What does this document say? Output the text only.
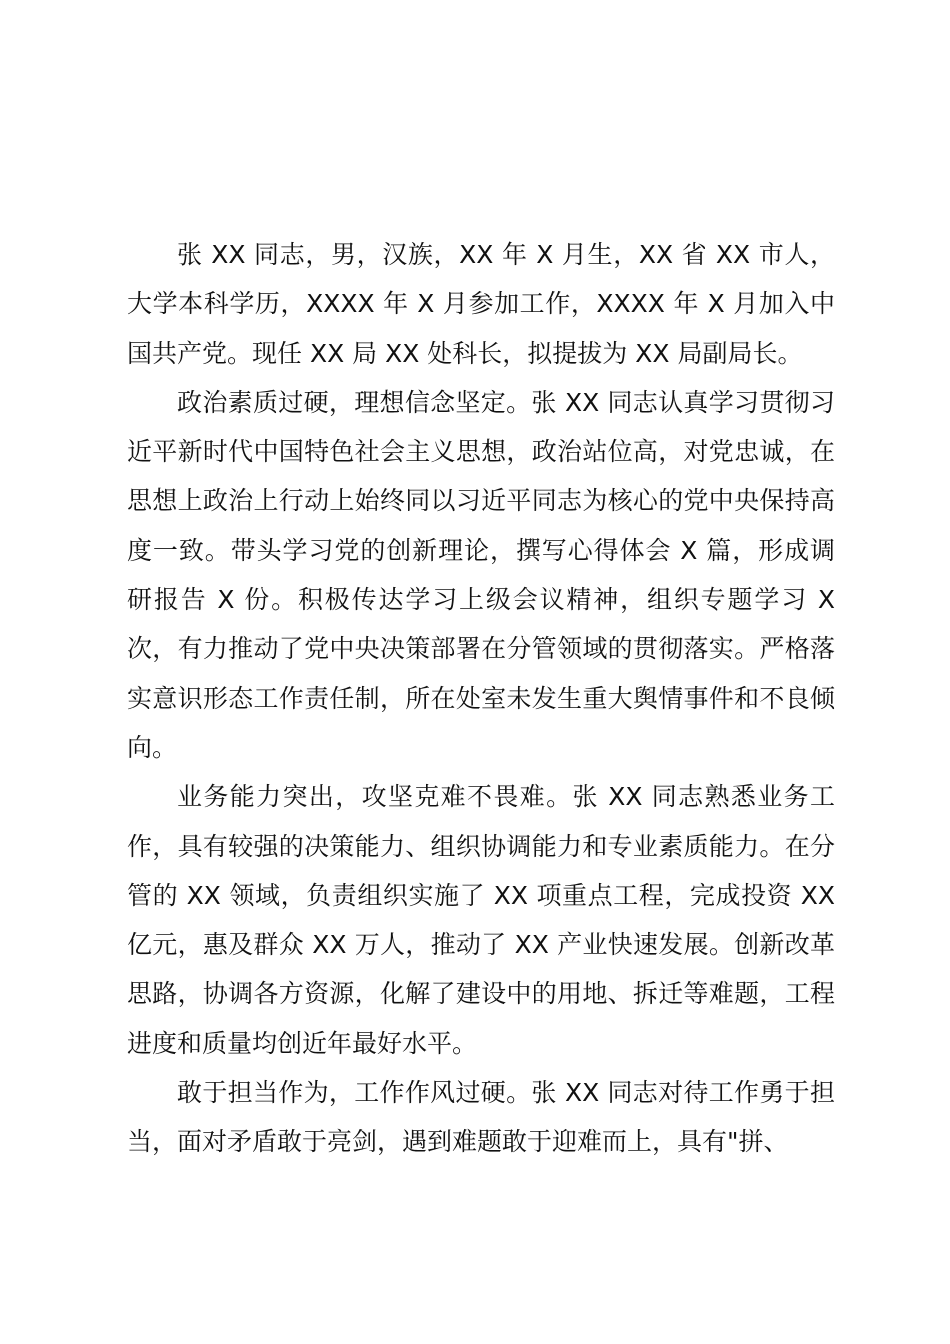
张 XX 同志，男，汉族，XX 年 X 月生，XX 省 XX 市人，大学本科学历，XXXX 年 X 月参加工作，XXXX 年 X 月加入中国共产党。现任 XX 局 XX 处科长，拟提拔为 XX 局副局长。

政治素质过硬，理想信念坚定。张 XX 同志认真学习贯彻习近平新时代中国特色社会主义思想，政治站位高，对党忠诚，在思想上政治上行动上始终同以习近平同志为核心的党中央保持高度一致。带头学习党的创新理论，撰写心得体会 X 篇，形成调研报告 X 份。积极传达学习上级会议精神，组织专题学习 X 次，有力推动了党中央决策部署在分管领域的贯彻落实。严格落实意识形态工作责任制，所在处室未发生重大舆情事件和不良倾向。

业务能力突出，攻坚克难不畏难。张 XX 同志熟悉业务工作，具有较强的决策能力、组织协调能力和专业素质能力。在分管的 XX 领域，负责组织实施了 XX 项重点工程，完成投资 XX 亿元，惠及群众 XX 万人，推动了 XX 产业快速发展。创新改革思路，协调各方资源，化解了建设中的用地、拆迁等难题，工程进度和质量均创近年最好水平。

敢于担当作为，工作作风过硬。张 XX 同志对待工作勇于担当，面对矛盾敢于亮剑，遇到难题敢于迎难而上，具有"拼、
